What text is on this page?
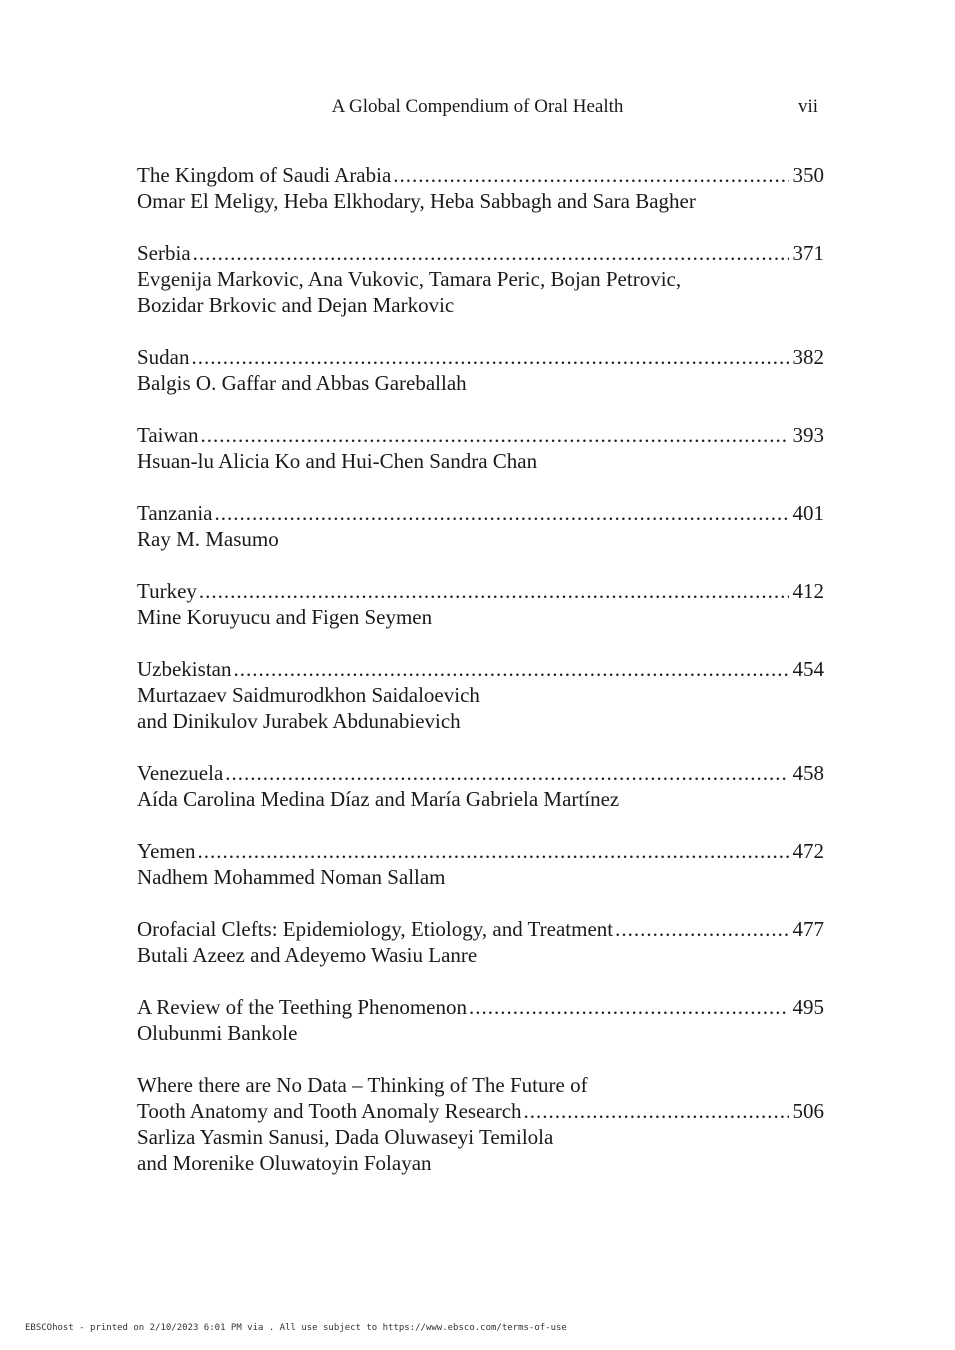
A Global Compendium of Oral Health	vii
The Kingdom of Saudi Arabia .....	350
Omar El Meligy, Heba Elkhodary, Heba Sabbagh and Sara Bagher
Serbia .....	371
Evgenija Markovic, Ana Vukovic, Tamara Peric, Bojan Petrovic,
Bozidar Brkovic and Dejan Markovic
Sudan .....	382
Balgis O. Gaffar and Abbas Gareballah
Taiwan .....	393
Hsuan-lu Alicia Ko and Hui-Chen Sandra Chan
Tanzania .....	401
Ray M. Masumo
Turkey .....	412
Mine Koruyucu and Figen Seymen
Uzbekistan .....	454
Murtazaev Saidmurodkhon Saidaloevich
and Dinikulov Jurabek Abdunabievich
Venezuela .....	458
Aída Carolina Medina Díaz and María Gabriela Martínez
Yemen .....	472
Nadhem Mohammed Noman Sallam
Orofacial Clefts: Epidemiology, Etiology, and Treatment .....	477
Butali Azeez and Adeyemo Wasiu Lanre
A Review of the Teething Phenomenon .....	495
Olubunmi Bankole
Where there are No Data – Thinking of The Future of
Tooth Anatomy and Tooth Anomaly Research .....	506
Sarliza Yasmin Sanusi, Dada Oluwaseyi Temilola
and Morenike Oluwatoyin Folayan
EBSCOhost - printed on 2/10/2023 6:01 PM via . All use subject to https://www.ebsco.com/terms-of-use
